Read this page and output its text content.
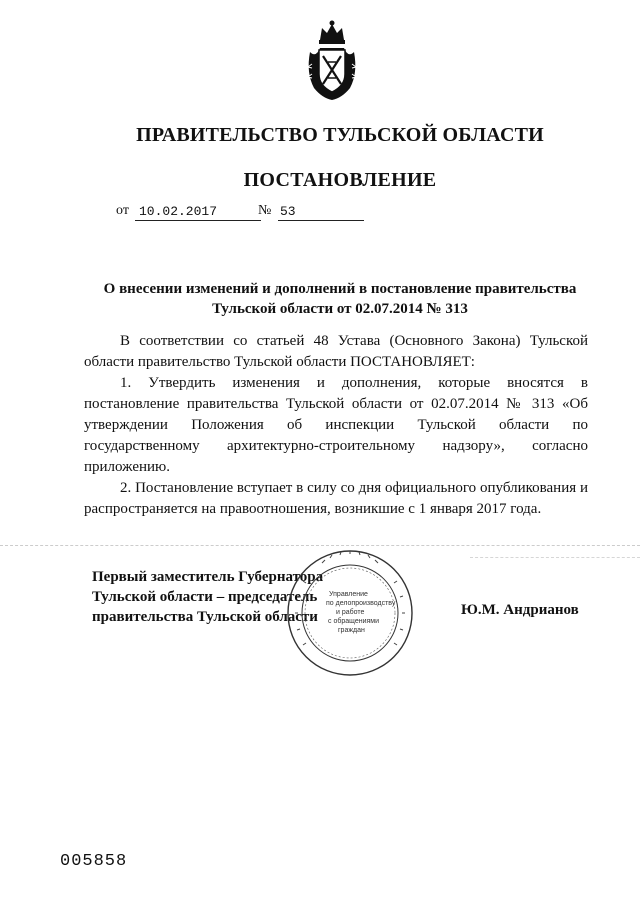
ПРАВИТЕЛЬСТВО ТУЛЬСКОЙ ОБЛАСТИ
ПОСТАНОВЛЕНИЕ
от 10.02.2017	№ 53
О внесении изменений и дополнений в постановление правительства
Тульской области от 02.07.2014 № 313

В соответствии со статьей 48 Устава (Основного Закона) Тульской области правительство Тульской области ПОСТАНОВЛЯЕТ:

1. Утвердить изменения и дополнения, которые вносятся в постановление правительства Тульской области от 02.07.2014 № 313 «Об утверждении Положения об инспекции Тульской области по государственному архитектурно-строительному надзору», согласно приложению.

2. Постановление вступает в силу со дня официального опубликования и распространяется на правоотношения, возникшие с 1 января 2017 года.

Первый заместитель Губернатора
Тульской области – председатель
правительства Тульской области
Управление
по делопроизводству
и работе
с обращениями
граждан
Ю.М. Андрианов
005858
